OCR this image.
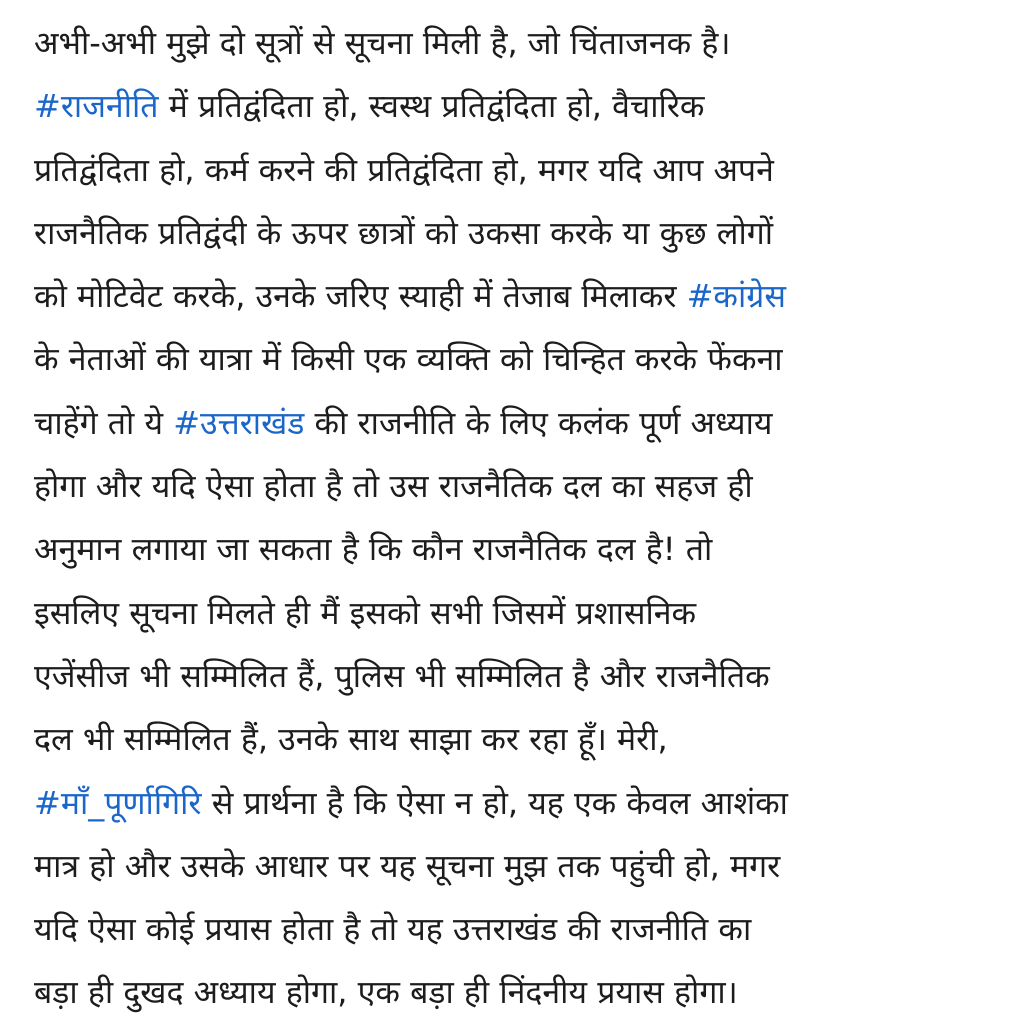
अभी-अभी मुझे दो सूत्रों से सूचना मिली है, जो चिंताजनक है।
#राजनीति में प्रतिद्वंदिता हो, स्वस्थ प्रतिद्वंदिता हो, वैचारिक
प्रतिद्वंदिता हो, कर्म करने की प्रतिद्वंदिता हो, मगर यदि आप अपने
राजनैतिक प्रतिद्वंदी के ऊपर छात्रों को उकसा करके या कुछ लोगों
को मोटिवेट करके, उनके जरिए स्याही में तेजाब मिलाकर #कांग्रेस
के नेताओं की यात्रा में किसी एक व्यक्ति को चिन्हित करके फेंकना
चाहेंगे तो ये #उत्तराखंड की राजनीति के लिए कलंक पूर्ण अध्याय
होगा और यदि ऐसा होता है तो उस राजनैतिक दल का सहज ही
अनुमान लगाया जा सकता है कि कौन राजनैतिक दल है! तो
इसलिए सूचना मिलते ही मैं इसको सभी जिसमें प्रशासनिक
एजेंसीज भी सम्मिलित हैं, पुलिस भी सम्मिलित है और राजनैतिक
दल भी सम्मिलित हैं, उनके साथ साझा कर रहा हूँ। मेरी,
#माँ_पूर्णागिरि से प्रार्थना है कि ऐसा न हो, यह एक केवल आशंका
मात्र हो और उसके आधार पर यह सूचना मुझ तक पहुंची हो, मगर
यदि ऐसा कोई प्रयास होता है तो यह उत्तराखंड की राजनीति का
बड़ा ही दुखद अध्याय होगा, एक बड़ा ही निंदनीय प्रयास होगा।
